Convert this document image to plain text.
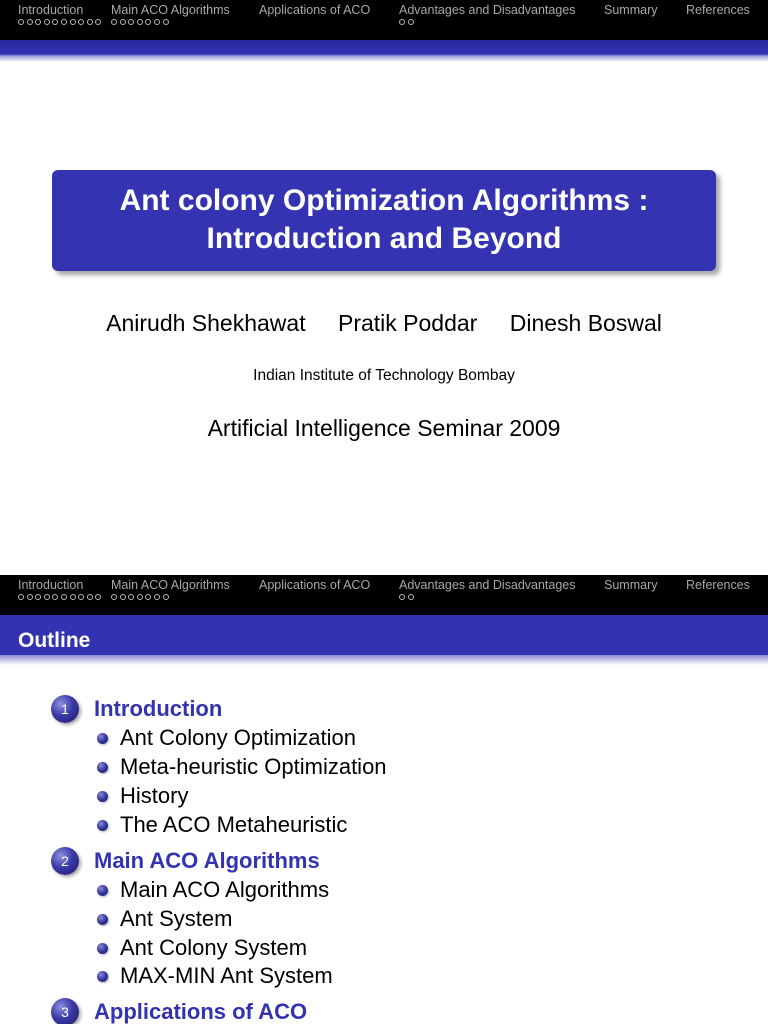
Introduction Main ACO Algorithms Applications of ACO Advantages and Disadvantages Summary References
Ant colony Optimization Algorithms :
Introduction and Beyond
Anirudh Shekhawat Pratik Poddar Dinesh Boswal
Indian Institute of Technology Bombay
Artificial Intelligence Seminar 2009
Introduction Main ACO Algorithms Applications of ACO Advantages and Disadvantages Summary References
Outline
1	Introduction
Ant Colony Optimization
Meta-heuristic Optimization
History
The ACO Metaheuristic
2	Main ACO Algorithms
Main ACO Algorithms
Ant System
Ant Colony System
MAX-MIN Ant System
3	Applications of ACO
